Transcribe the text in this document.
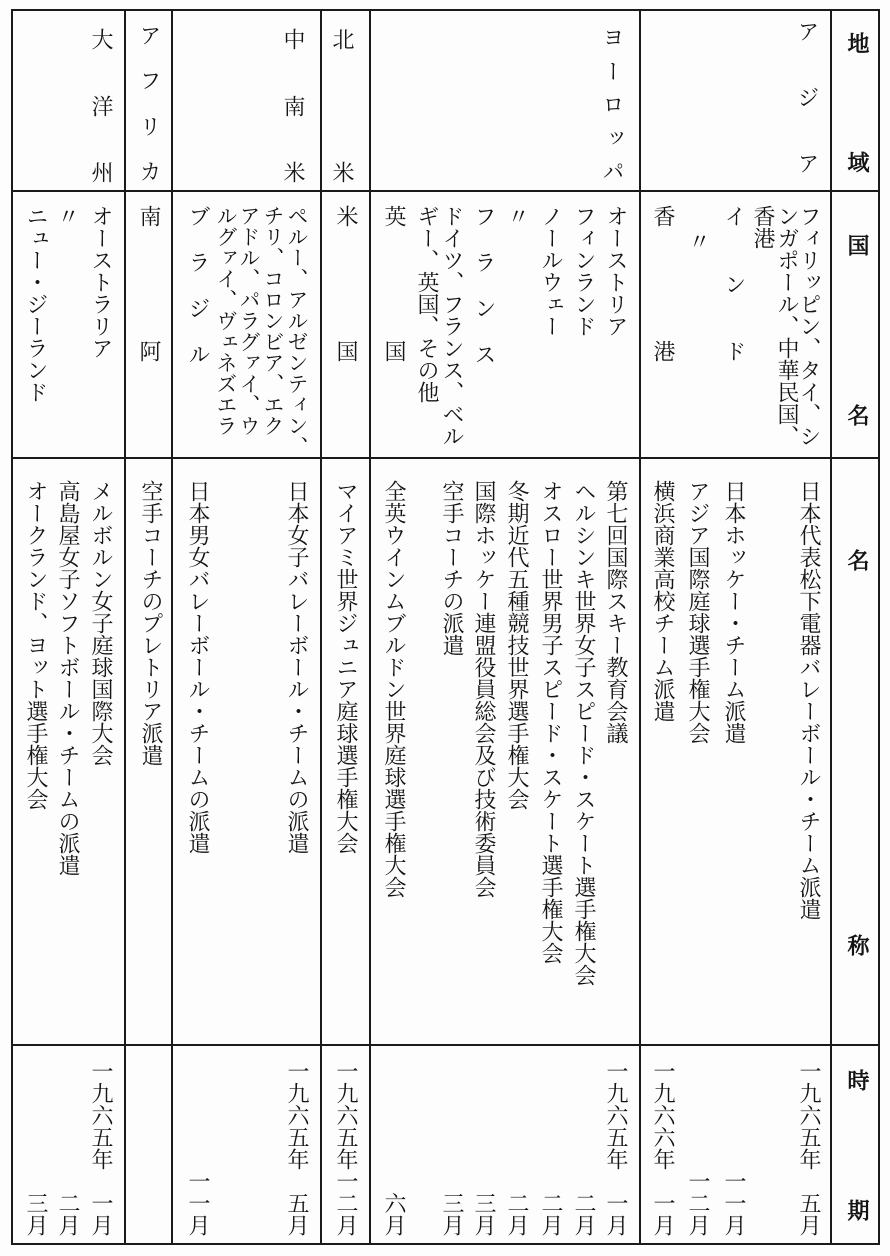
地
域
国
名
名
称
時
期
ア
ジ
ア
フィリッピン、タイ、シ
ンガポール、中華民国、
香港
日本代表松下電器バレーボール・チーム派遣
一九六五年
五月
イ
ン
ド
日本ホッケー・チーム派遣
一一月
〃
アジア国際庭球選手権大会
一二月
香
港
横浜商業高校チーム派遣
一九六六年
一月
ヨ
ー
ロ
ッ
パ
オーストリア
第七回国際スキー教育会議
一九六五年
一月
フィンランド
ヘルシンキ世界女子スピード・スケート選手権大会
二月
ノールウェー
オスロー世界男子スピード・スケート選手権大会
二月
〃
冬期近代五種競技世界選手権大会
二月
フ
ラ
ン
ス
国際ホッケー連盟役員総会及び技術委員会
三月
ドイツ、フランス、ベル
ギー、英国、その他
空手コーチの派遣
三月
英
国
全英ウインムブルドン世界庭球選手権大会
六月
北
米
米
国
マイアミ世界ジュニア庭球選手権大会
一九六五年
一二月
中
南
米
ペルー、アルゼンティン、
チリ、コロンビア、エク
アドル、パラグァイ、ウ
ルグァイ、ヴェネズエラ
日本女子バレーボール・チームの派遣
一九六五年
五月
ブ
ラ
ジ
ル
日本男女バレーボール・チームの派遣
一一月
ア
フ
リ
カ
南
阿
空手コーチのプレトリア派遣
大
洋
州
オーストラリア
メルボルン女子庭球国際大会
一九六五年
一月
〃
高島屋女子ソフトボール・チームの派遣
二月
ニュー・ジーランド
オークランド、ヨット選手権大会
三月
